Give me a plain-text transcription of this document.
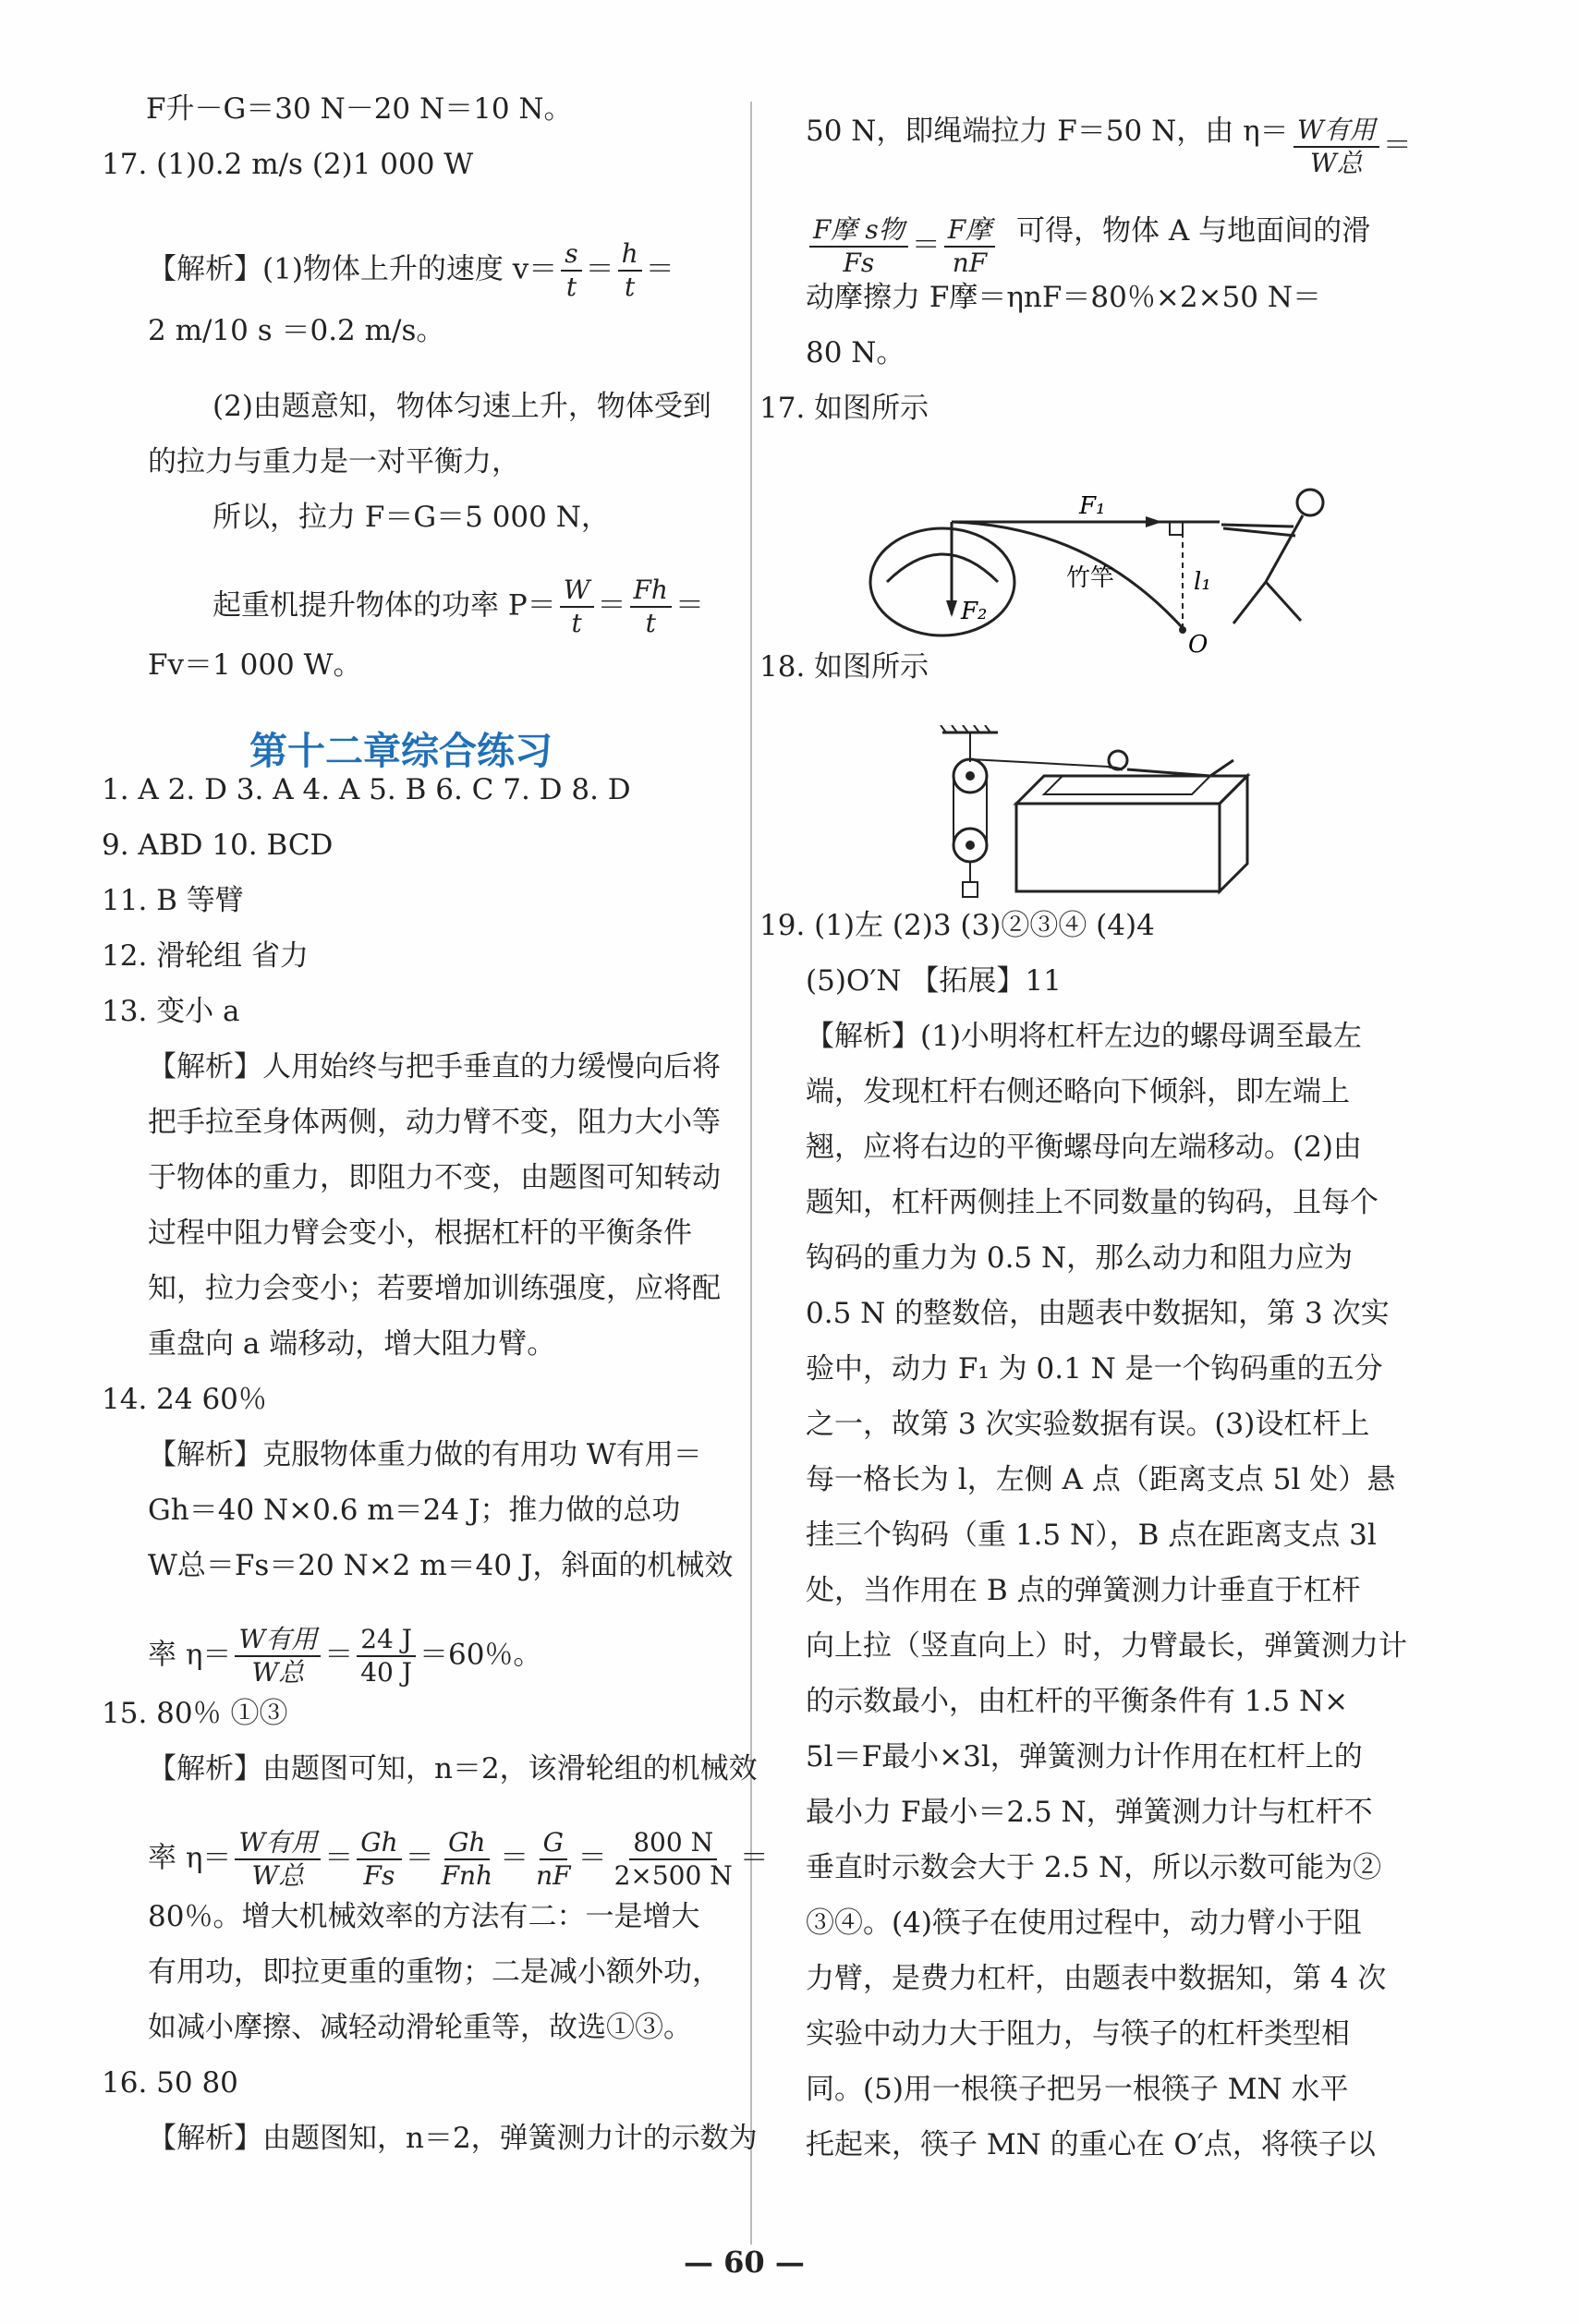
F升－G＝30 N－20 N＝10 N。
17. (1)0.2 m/s (2)1 000 W
2 m/10 s ＝0.2 m/s。
(2)由题意知，物体匀速上升，物体受到
的拉力与重力是一对平衡力，
所以，拉力 F＝G＝5 000 N，
Fv＝1 000 W。
1. A 2. D 3. A 4. A 5. B 6. C 7. D 8. D
9. ABD 10. BCD
11. B 等臂
12. 滑轮组 省力
13. 变小 a
【解析】人用始终与把手垂直的力缓慢向后将
把手拉至身体两侧，动力臂不变，阻力大小等
于物体的重力，即阻力不变，由题图可知转动
过程中阻力臂会变小，根据杠杆的平衡条件
知，拉力会变小；若要增加训练强度，应将配
重盘向 a 端移动，增大阻力臂。
14. 24 60％
【解析】克服物体重力做的有用功 W有用＝
Gh＝40 N×0.6 m＝24 J；推力做的总功
W总＝Fs＝20 N×2 m＝40 J，斜面的机械效
15. 80％ ①③
【解析】由题图可知，n＝2，该滑轮组的机械效
80％。增大机械效率的方法有二：一是增大
有用功，即拉更重的重物；二是减小额外功，
如减小摩擦、减轻动滑轮重等，故选①③。
16. 50 80
【解析】由题图知，n＝2，弹簧测力计的示数为
【解析】(1)物体上升的速度 $v= \frac{s}{t} = \frac{h}{t}$ ＝
起重机提升物体的功率 $P= \frac{W}{t} = \frac{Fh}{t}$ ＝
率 $\eta= \frac{\text{W有用}}{\text{W总}} = \frac{24 J}{40 J} =60$％。
率 $\eta= \frac{\text{W有用}}{\text{W总}} = \frac{Gh}{Fs} = \frac{Gh}{\text{Fnh}} = \frac{G}{nF} = \frac{800 N}{2\times 500 N}$ ＝
第十二章综合练习
$\frac{\text{W有用}}{\text{W总}}$ ＝
$\frac{\text{F摩 s物}}{Fs} = \frac{\text{F摩}}{nF}$
50 N，即绳端拉力 F＝50 N，由 η＝
可得，物体 A 与地面间的滑
动摩擦力 F摩＝ηnF＝80％×2×50 N＝
80 N。
17. 如图所示
18. 如图所示
19. (1)左 (2)3 (3)②③④ (4)4
(5)O′N 【拓展】11
【解析】(1)小明将杠杆左边的螺母调至最左
端，发现杠杆右侧还略向下倾斜，即左端上
翘，应将右边的平衡螺母向左端移动。(2)由
题知，杠杆两侧挂上不同数量的钩码，且每个
钩码的重力为 0.5 N，那么动力和阻力应为
0.5 N 的整数倍，由题表中数据知，第 3 次实
验中，动力 F₁ 为 0.1 N 是一个钩码重的五分
之一，故第 3 次实验数据有误。(3)设杠杆上
每一格长为 l，左侧 A 点（距离支点 5l 处）悬
挂三个钩码（重 1.5 N），B 点在距离支点 3l
处，当作用在 B 点的弹簧测力计垂直于杠杆
向上拉（竖直向上）时，力臂最长，弹簧测力计
的示数最小，由杠杆的平衡条件有 1.5 N×
5l＝F最小×3l，弹簧测力计作用在杠杆上的
最小力 F最小＝2.5 N，弹簧测力计与杠杆不
垂直时示数会大于 2.5 N，所以示数可能为②
③④。(4)筷子在使用过程中，动力臂小于阻
力臂，是费力杠杆，由题表中数据知，第 4 次
实验中动力大于阻力，与筷子的杠杆类型相
同。(5)用一根筷子把另一根筷子 MN 水平
托起来，筷子 MN 的重心在 O′点，将筷子以
F₁
F₂
l₁
O
竹竿
— 60 —
